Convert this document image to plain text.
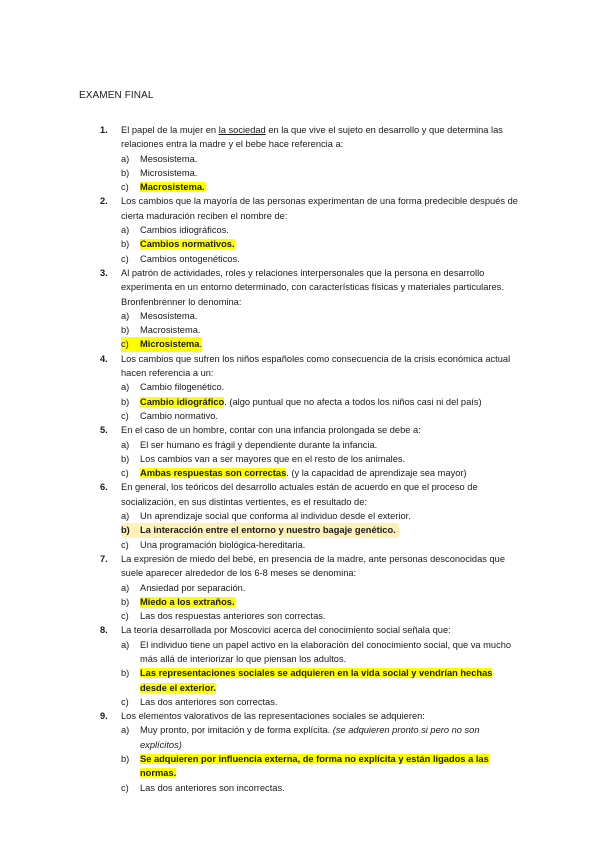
EXAMEN FINAL
1. El papel de la mujer en la sociedad en la que vive el sujeto en desarrollo y que determina las relaciones entra la madre y el bebe hace referencia a:
a) Mesosistema.
b) Microsistema.
c) Macrosistema.
2. Los cambios que la mayoría de las personas experimentan de una forma predecible después de cierta maduración reciben el nombre de:
a) Cambios idiográficos.
b) Cambios normativos.
c) Cambios ontogenéticos.
3. Al patrón de actividades, roles y relaciones interpersonales que la persona en desarrollo experimenta en un entorno determinado, con características físicas y materiales particulares. Bronfenbrenner lo denomina:
a) Mesosistema.
b) Macrosistema.
c) Microsistema.
4. Los cambios que sufren los niños españoles como consecuencia de la crisis económica actual hacen referencia a un:
a) Cambio filogenético.
b) Cambio idiográfico. (algo puntual que no afecta a todos los niños casi ni del país)
c) Cambio normativo.
5. En el caso de un hombre, contar con una infancia prolongada se debe a:
a) El ser humano es frágil y dependiente durante la infancia.
b) Los cambios van a ser mayores que en el resto de los animales.
c) Ambas respuestas son correctas. (y la capacidad de aprendizaje sea mayor)
6. En general, los teóricos del desarrollo actuales están de acuerdo en que el proceso de socialización, en sus distintas vertientes, es el resultado de:
a) Un aprendizaje social que conforma al individuo desde el exterior.
b) La interacción entre el entorno y nuestro bagaje genético.
c) Una programación biológica-hereditaria.
7. La expresión de miedo del bebé, en presencia de la madre, ante personas desconocidas que suele aparecer alrededor de los 6-8 meses se denomina:
a) Ansiedad por separación.
b) Miedo a los extraños.
c) Las dos respuestas anteriores son correctas.
8. La teoría desarrollada por Moscovici acerca del conocimiento social señala que:
a) El individuo tiene un papel activo en la elaboración del conocimiento social, que va mucho más allá de interiorizar lo que piensan los adultos.
b) Las representaciones sociales se adquieren en la vida social y vendrían hechas desde el exterior.
c) Las dos anteriores son correctas.
9. Los elementos valorativos de las representaciones sociales se adquieren:
a) Muy pronto, por imitación y de forma explícita. (se adquieren pronto si pero no son explícitos)
b) Se adquieren por influencia externa, de forma no explícita y están ligados a las normas.
c) Las dos anteriores son incorrectas.
